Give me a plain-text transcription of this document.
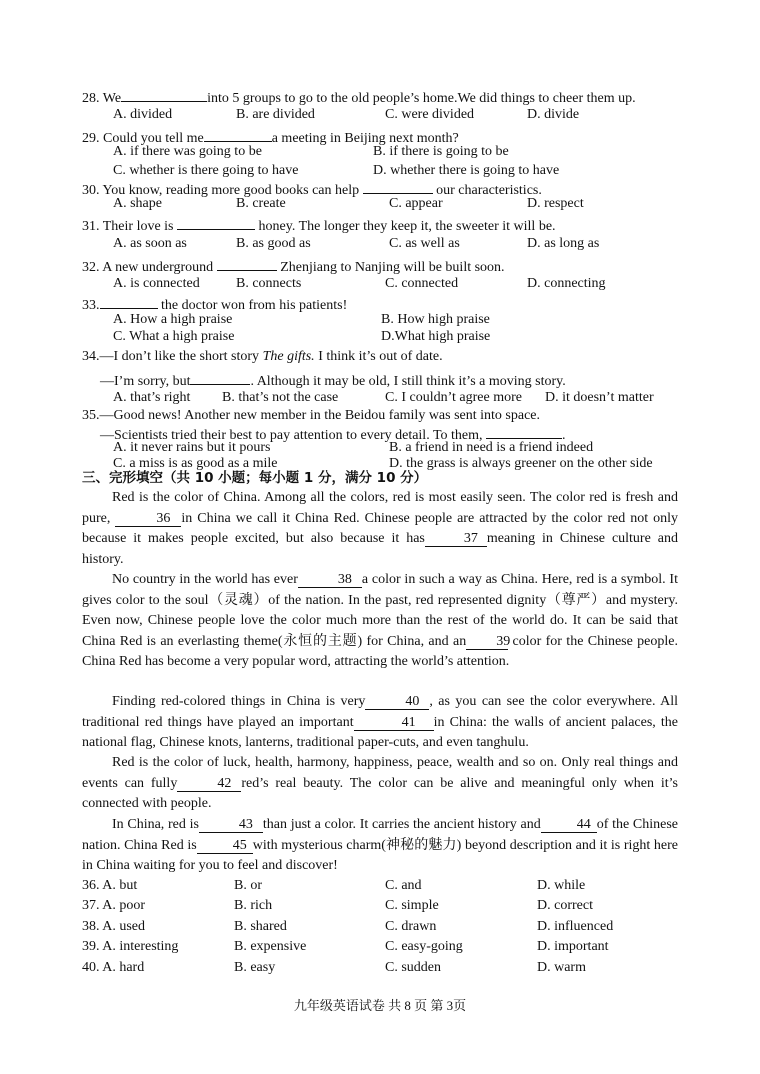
28. We	into 5 groups to go to the old people’s home.We did things to cheer them up.
A. divided	B. are divided	C. were divided	D. divide
29. Could you tell me	a meeting in Beijing next month?
A. if there was going to be	B. if there is going to be
C. whether is there going to have	D. whether there is going to have
30. You know, reading more good books can help	our characteristics.
A. shape	B. create	C. appear	D. respect
31. Their love is	honey. The longer they keep it, the sweeter it will be.
A. as soon as	B. as good as	C. as well as	D. as long as
32. A new underground	Zhenjiang to Nanjing will be built soon.
A. is connected	B. connects	C. connected	D. connecting
33.	the doctor won from his patients!
A. How a high praise	B. How high praise
C. What a high praise	D.What high praise
34.—I don’t like the short story The gifts. I think it’s out of date.
—I’m sorry, but	. Although it may be old, I still think it’s a moving story.
A. that’s right B. that’s not the case	C. I couldn’t agree more D. it doesn’t matter
35.—Good news! Another new member in the Beidou family was sent into space.
—Scientists tried their best to pay attention to every detail. To them,	.
A. it never rains but it pours	B. a friend in need is a friend indeed
C. a miss is as good as a mile	D. the grass is always greener on the other side
三、完形填空（共 10 小题；每小题 1 分，满分 10 分）

Red is the color of China. Among all the colors, red is most easily seen. The color red is fresh and pure,	36 in China we call it China Red. Chinese people are attracted by the color red not only because it makes people excited, but also because it has	37 meaning in Chinese culture and history.

No country in the world has ever	38 a color in such a way as China. Here, red is a symbol. It gives color to the soul（灵魂）of the nation. In the past, red represented dignity（尊严）and mystery. Even now, Chinese people love the color much more than the rest of the world do. It can be said that China Red is an everlasting theme(永恒的主题) for China, and an 39 color for the Chinese people. China Red has become a very popular word, attracting the world’s attention.

Finding red-colored things in China is very	40 , as you can see the color everywhere. All traditional red things have played an important	41 in China: the walls of ancient palaces, the national flag, Chinese knots, lanterns, traditional paper-cuts, and even tanghulu.

Red is the color of luck, health, harmony, happiness, peace, wealth and so on. Only real things and events can fully	42 red’s real beauty. The color can be alive and meaningful only when it’s connected with people.

In China, red is	43 than just a color. It carries the ancient history and	44 of the Chinese nation. China Red is	45 with mysterious charm(神秘的魅力) beyond description and it is right here in China waiting for you to feel and discover!

36. A. but	B. or	C. and	D. while
37. A. poor	B. rich	C. simple	D. correct
38. A. used	B. shared	C. drawn	D. influenced
39. A. interesting	B. expensive	C. easy-going	D. important
40. A. hard	B. easy	C. sudden	D. warm
九年级英语试卷 共 8 页 第 3页
